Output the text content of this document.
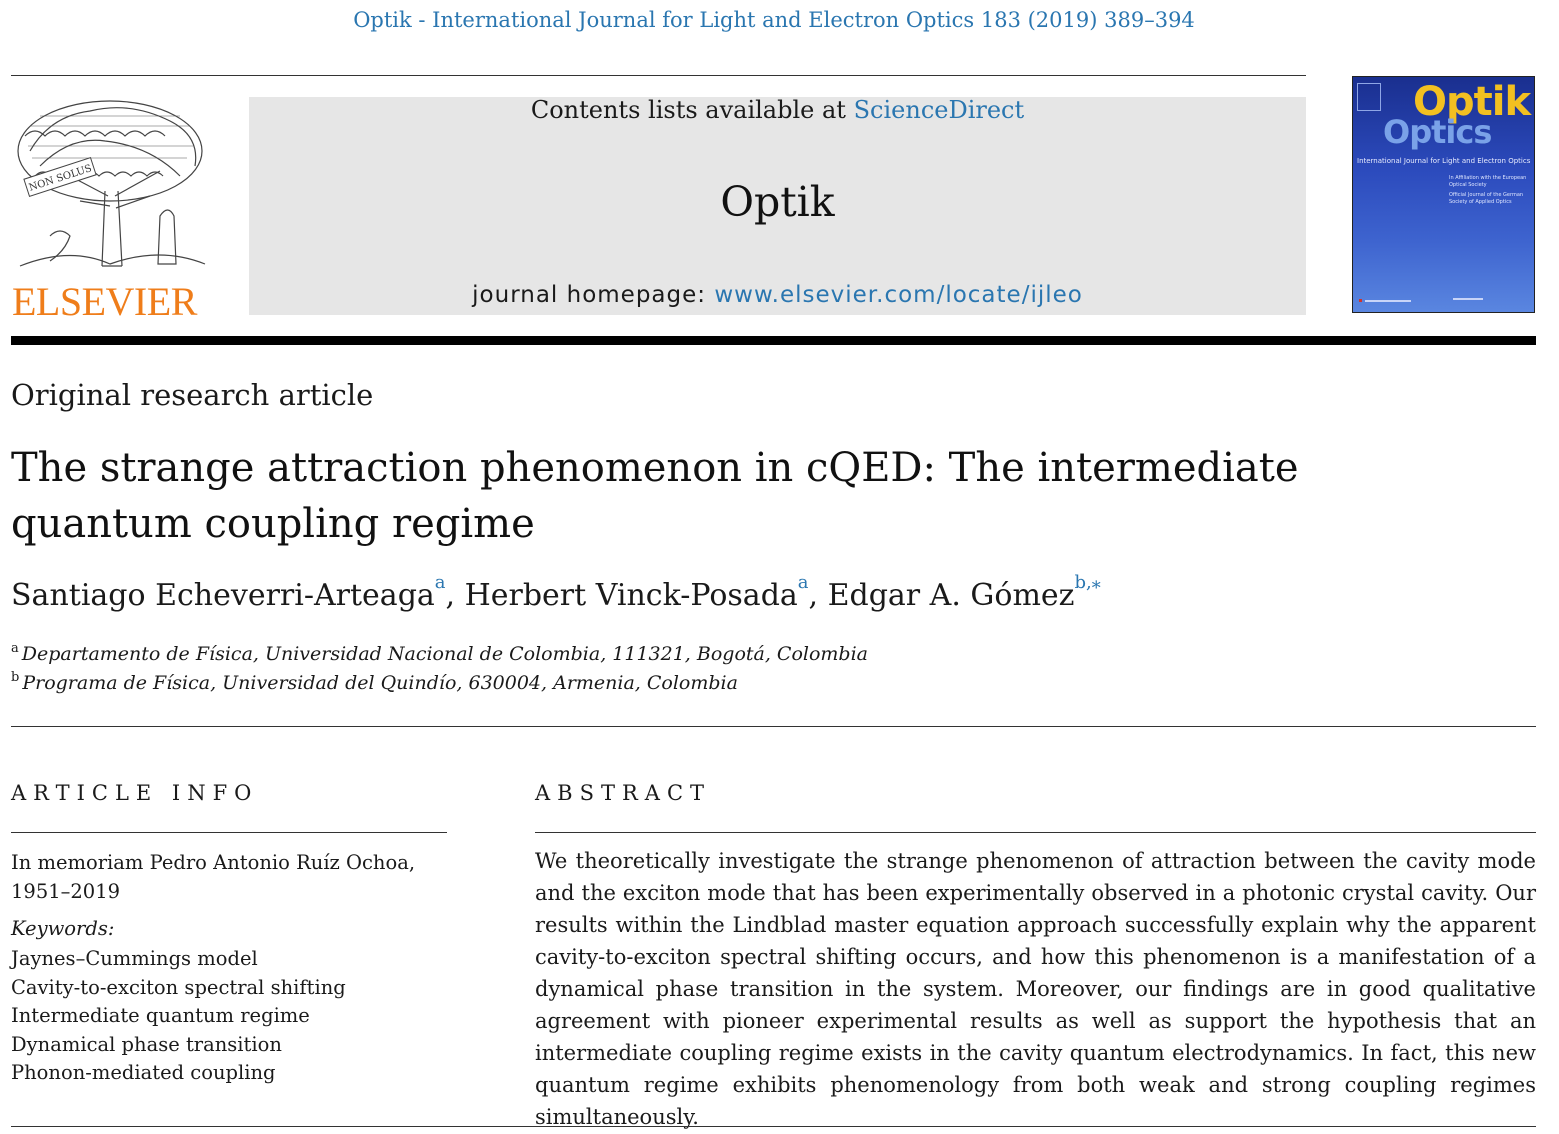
Optik - International Journal for Light and Electron Optics 183 (2019) 389–394
NON SOLUS
ELSEVIER
Contents lists available at ScienceDirect
Optik
journal homepage: www.elsevier.com/locate/ijleo
Optik
Optics
International Journal for Light and Electron Optics
In Affiliation with the European Optical Society
Official Journal of the German Society of Applied Optics
Original research article
The strange attraction phenomenon in cQED: The intermediate quantum coupling regime
Santiago Echeverri-Arteaga$^a$, Herbert Vinck-Posada$^a$, Edgar A. Gómez$^{b,⁎}$
$^a$ Departamento de Física, Universidad Nacional de Colombia, 111321, Bogotá, Colombia
$^b$ Programa de Física, Universidad del Quindío, 630004, Armenia, Colombia
ARTICLE INFO
In memoriam Pedro Antonio Ruíz Ochoa, 1951–2019
Keywords:
Jaynes–Cummings model
Cavity-to-exciton spectral shifting
Intermediate quantum regime
Dynamical phase transition
Phonon-mediated coupling
ABSTRACT
We theoretically investigate the strange phenomenon of attraction between the cavity mode and the exciton mode that has been experimentally observed in a photonic crystal cavity. Our results within the Lindblad master equation approach successfully explain why the apparent cavity-to-exciton spectral shifting occurs, and how this phenomenon is a manifestation of a dynamical phase transition in the system. Moreover, our findings are in good qualitative agreement with pioneer experimental results as well as support the hypothesis that an intermediate coupling regime exists in the cavity quantum electrodynamics. In fact, this new quantum regime exhibits phenomenology from both weak and strong coupling regimes simultaneously.
